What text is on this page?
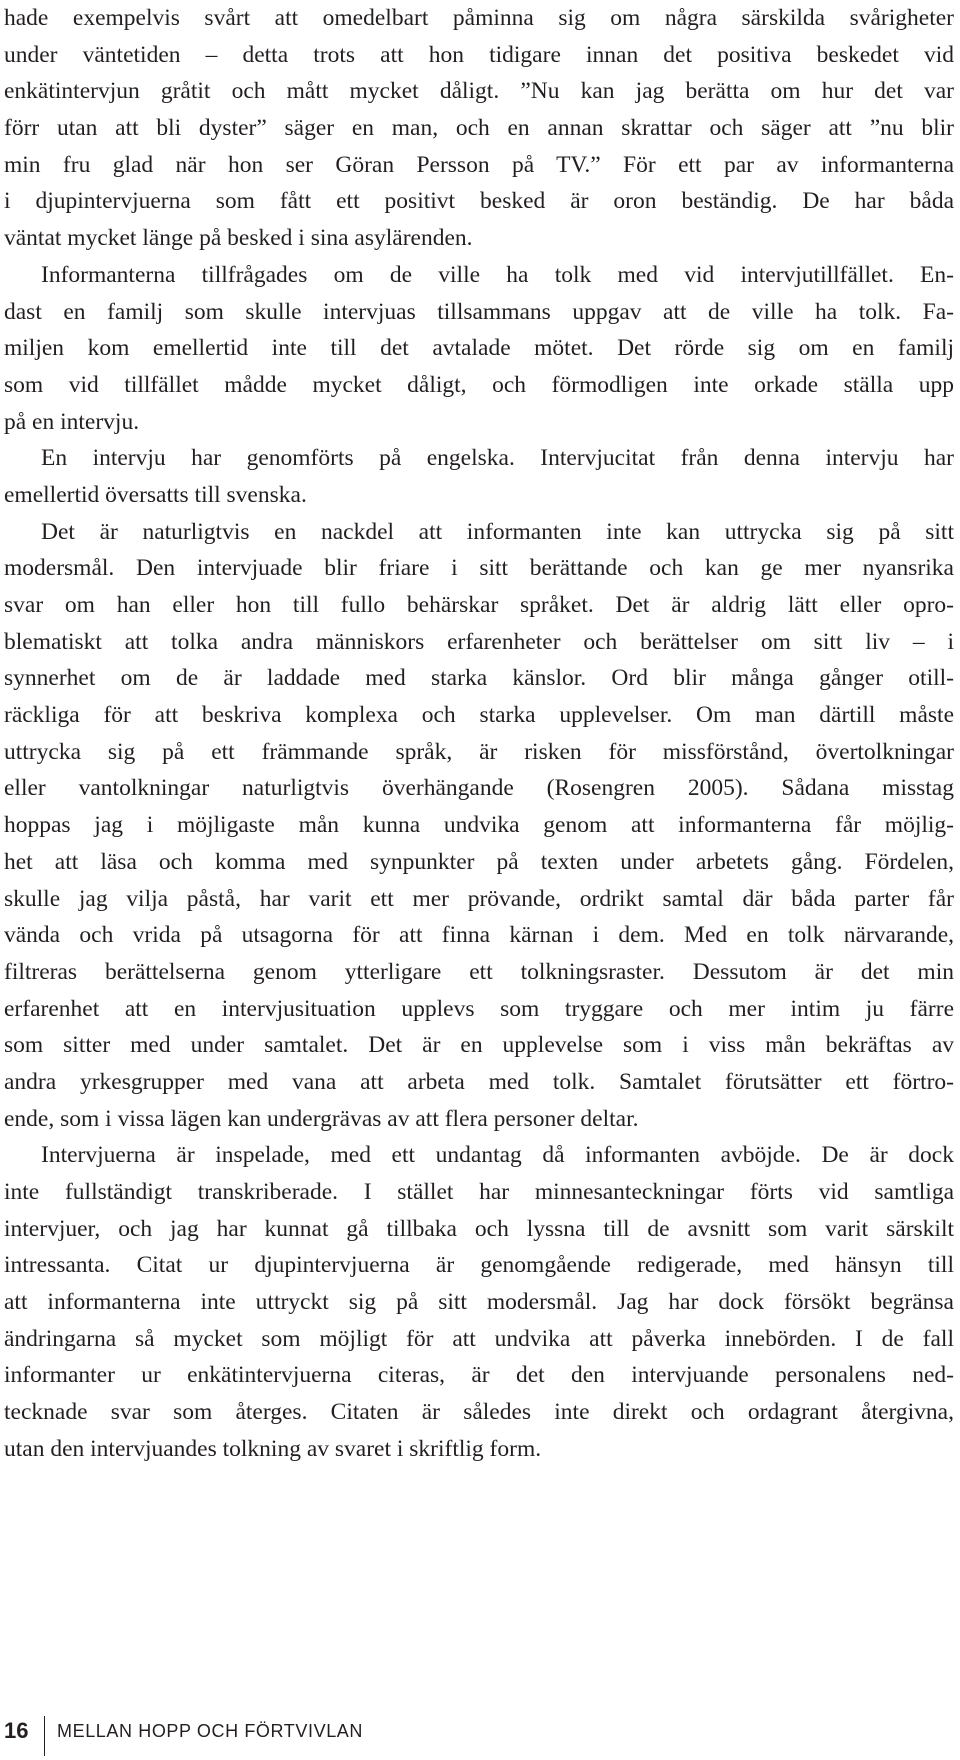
hade exempelvis svårt att omedelbart påminna sig om några särskilda svårigheter
under väntetiden – detta trots att hon tidigare innan det positiva beskedet vid
enkätintervjun gråtit och mått mycket dåligt. ”Nu kan jag berätta om hur det var
förr utan att bli dyster” säger en man, och en annan skrattar och säger att ”nu blir
min fru glad när hon ser Göran Persson på TV.” För ett par av informanterna
i djupintervjuerna som fått ett positivt besked är oron beständig. De har båda
väntat mycket länge på besked i sina asylärenden.
Informanterna tillfrågades om de ville ha tolk med vid intervjutillfället. En-
dast en familj som skulle intervjuas tillsammans uppgav att de ville ha tolk. Fa-
miljen kom emellertid inte till det avtalade mötet. Det rörde sig om en familj
som vid tillfället mådde mycket dåligt, och förmodligen inte orkade ställa upp
på en intervju.
En intervju har genomförts på engelska. Intervjucitat från denna intervju har
emellertid översatts till svenska.
Det är naturligtvis en nackdel att informanten inte kan uttrycka sig på sitt
modersmål. Den intervjuade blir friare i sitt berättande och kan ge mer nyansrika
svar om han eller hon till fullo behärskar språket. Det är aldrig lätt eller opro-
blematiskt att tolka andra människors erfarenheter och berättelser om sitt liv – i
synnerhet om de är laddade med starka känslor. Ord blir många gånger otill-
räckliga för att beskriva komplexa och starka upplevelser. Om man därtill måste
uttrycka sig på ett främmande språk, är risken för missförstånd, övertolkningar
eller vantolkningar naturligtvis överhängande (Rosengren 2005). Sådana misstag
hoppas jag i möjligaste mån kunna undvika genom att informanterna får möjlig-
het att läsa och komma med synpunkter på texten under arbetets gång. Fördelen,
skulle jag vilja påstå, har varit ett mer prövande, ordrikt samtal där båda parter får
vända och vrida på utsagorna för att finna kärnan i dem. Med en tolk närvarande,
filtreras berättelserna genom ytterligare ett tolkningsraster. Dessutom är det min
erfarenhet att en intervjusituation upplevs som tryggare och mer intim ju färre
som sitter med under samtalet. Det är en upplevelse som i viss mån bekräftas av
andra yrkesgrupper med vana att arbeta med tolk. Samtalet förutsätter ett förtro-
ende, som i vissa lägen kan undergrävas av att flera personer deltar.
Intervjuerna är inspelade, med ett undantag då informanten avböjde. De är dock
inte fullständigt transkriberade. I stället har minnesanteckningar förts vid samtliga
intervjuer, och jag har kunnat gå tillbaka och lyssna till de avsnitt som varit särskilt
intressanta. Citat ur djupintervjuerna är genomgående redigerade, med hänsyn till
att informanterna inte uttryckt sig på sitt modersmål. Jag har dock försökt begränsa
ändringarna så mycket som möjligt för att undvika att påverka innebörden. I de fall
informanter ur enkätintervjuerna citeras, är det den intervjuande personalens ned-
tecknade svar som återges. Citaten är således inte direkt och ordagrant återgivna,
utan den intervjuandes tolkning av svaret i skriftlig form.
16 MELLAN HOPP OCH FÖRTVIVLAN
